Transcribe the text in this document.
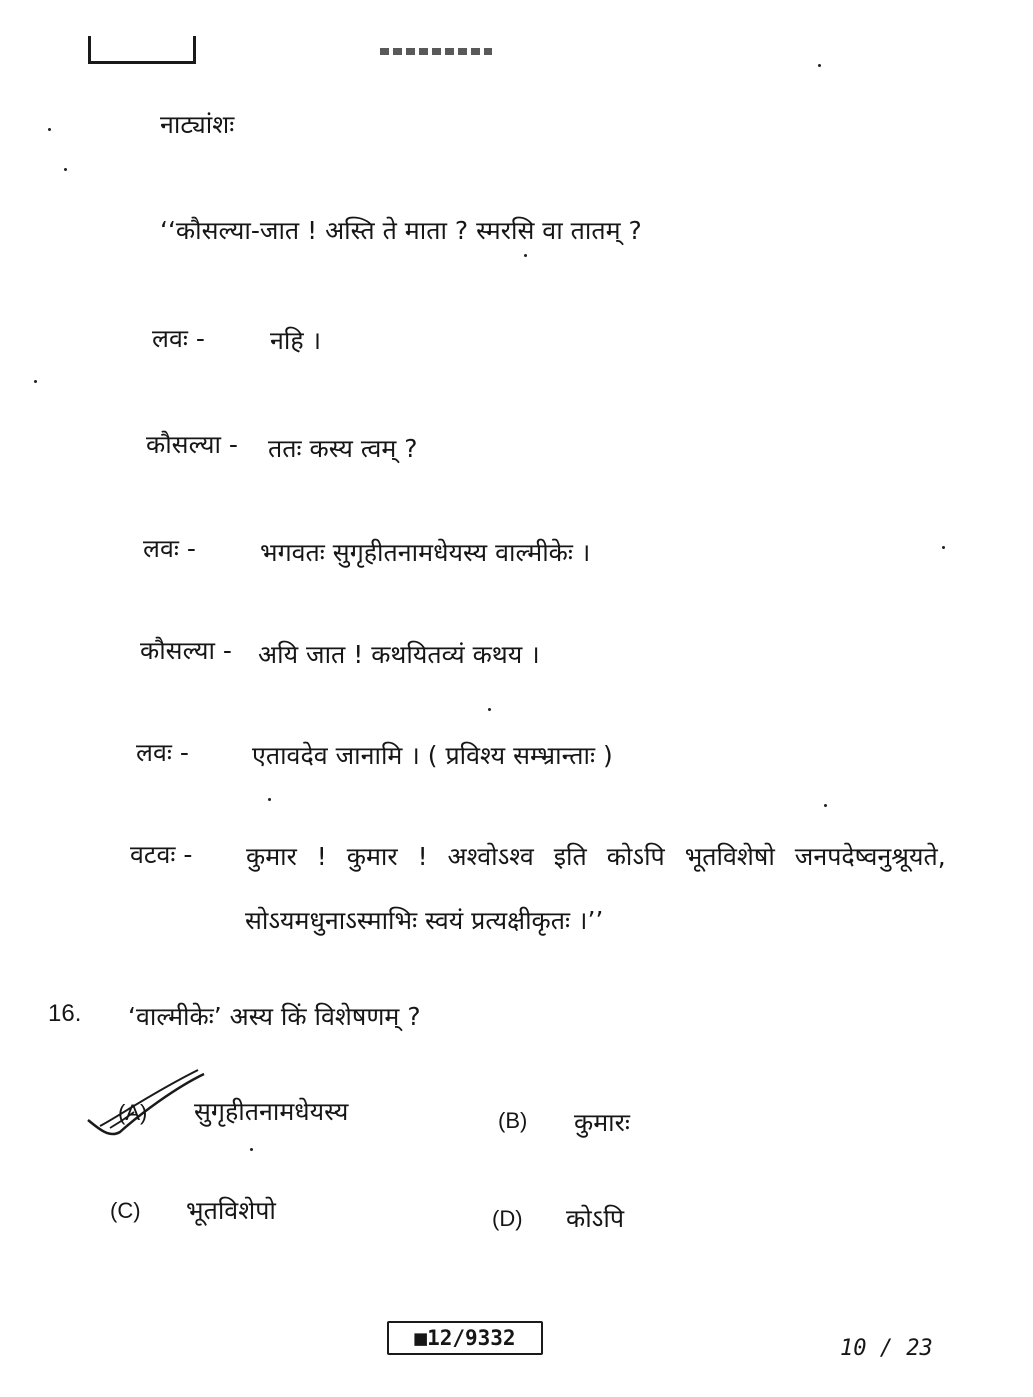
नाट्यांशः
‘‘कौसल्या-जात ! अस्ति ते माता ? स्मरसि वा तातम् ?
लवः -	नहि ।
कौसल्या - ततः कस्य त्वम् ?
लवः -	भगवतः सुगृहीतनामधेयस्य वाल्मीकेः ।
कौसल्या - अयि जात ! कथयितव्यं कथय ।
लवः -	एतावदेव जानामि । ( प्रविश्य सम्भ्रान्ताः )
वटवः - कुमार ! कुमार ! अश्वोऽश्व इति कोऽपि भूतविशेषो जनपदेष्वनुश्रूयते,
सोऽयमधुनाऽस्माभिः स्वयं प्रत्यक्षीकृतः ।’’
16. ‘वाल्मीकेः’ अस्य किं विशेषणम् ?
(A) सुगृहीतनामधेयस्य	(B) कुमारः
(C) भूतविशेपो	(D) कोऽपि
■12/9332	10 / 23
